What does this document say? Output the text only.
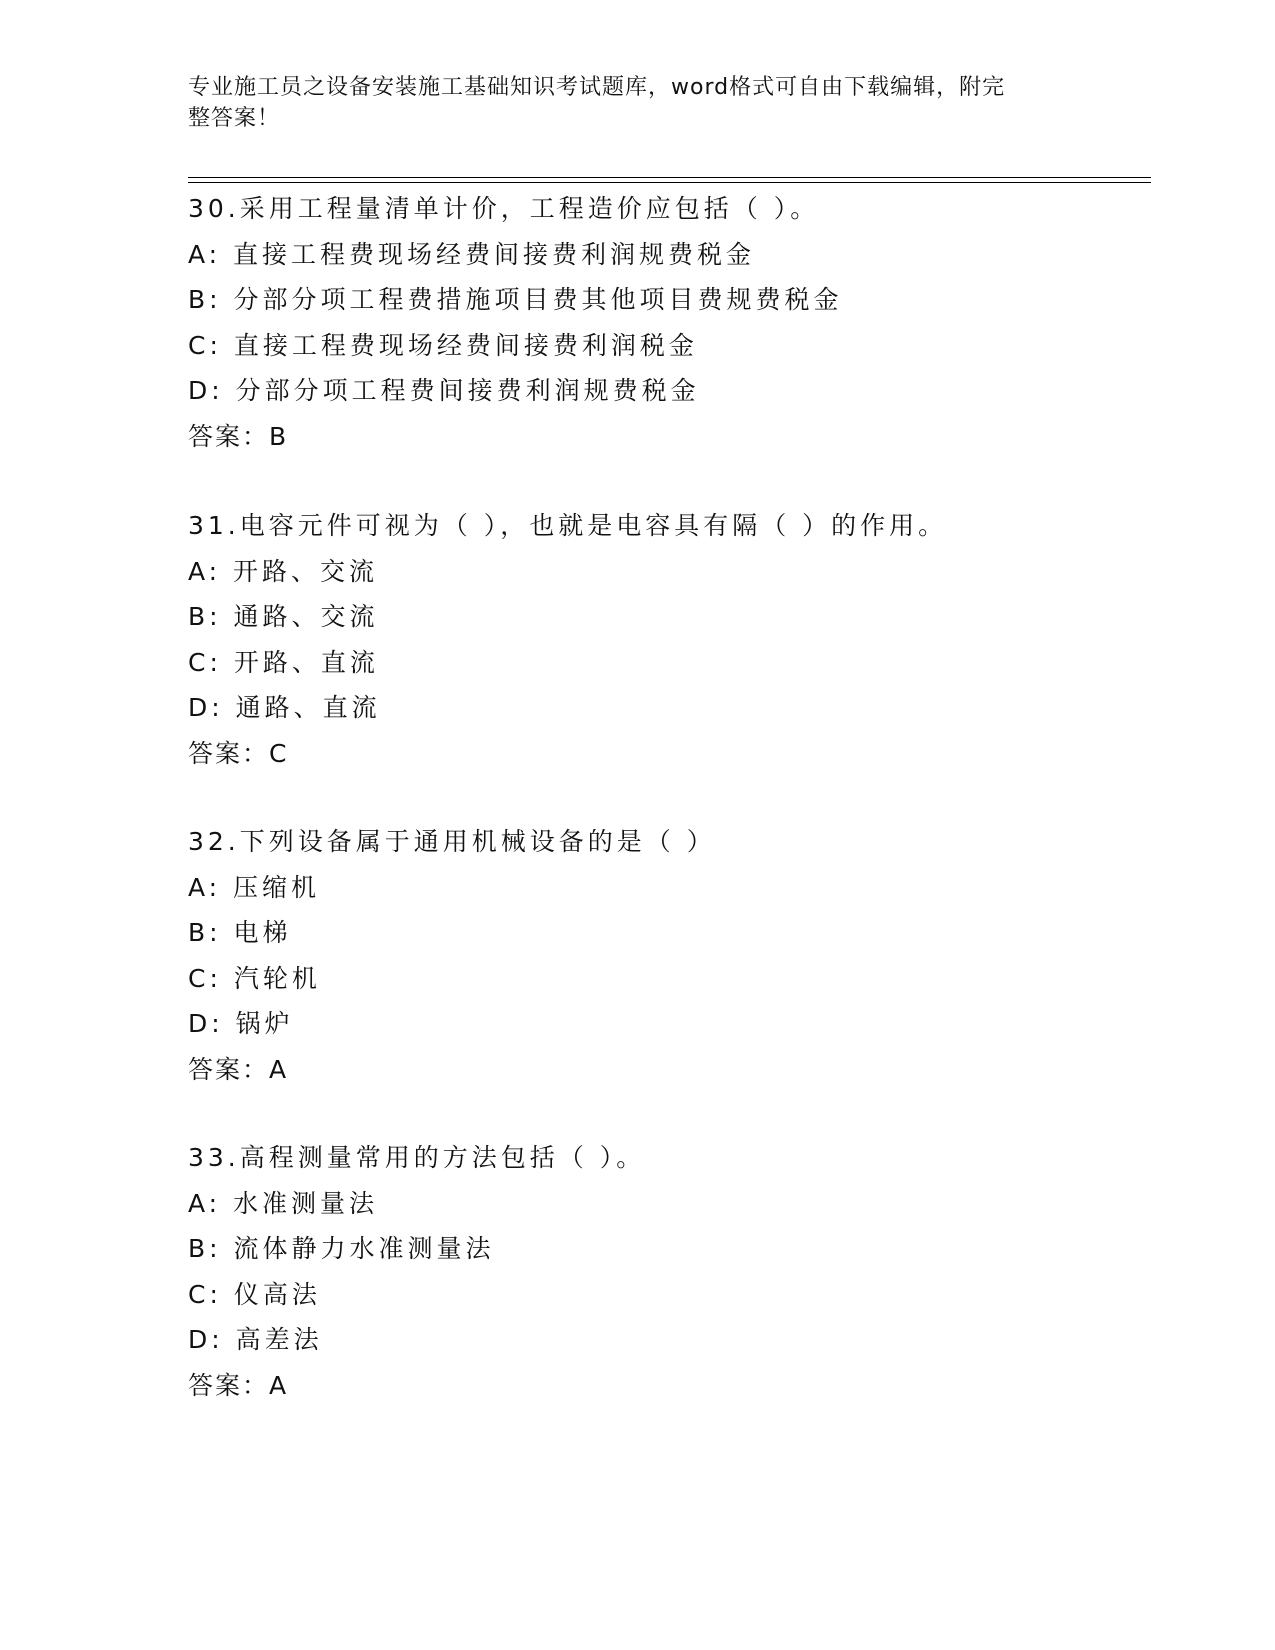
专业施工员之设备安装施工基础知识考试题库，word格式可自由下载编辑，附完
整答案！
30.采用工程量清单计价，工程造价应包括（ ）。
A: 直接工程费现场经费间接费利润规费税金
B: 分部分项工程费措施项目费其他项目费规费税金
C: 直接工程费现场经费间接费利润税金
D: 分部分项工程费间接费利润规费税金
答案：B
31.电容元件可视为（ ），也就是电容具有隔（ ）的作用。
A: 开路、交流
B: 通路、交流
C: 开路、直流
D: 通路、直流
答案：C
32.下列设备属于通用机械设备的是（ ）
A: 压缩机
B: 电梯
C: 汽轮机
D: 锅炉
答案：A
33.高程测量常用的方法包括（ ）。
A: 水准测量法
B: 流体静力水准测量法
C: 仪高法
D: 高差法
答案：A
